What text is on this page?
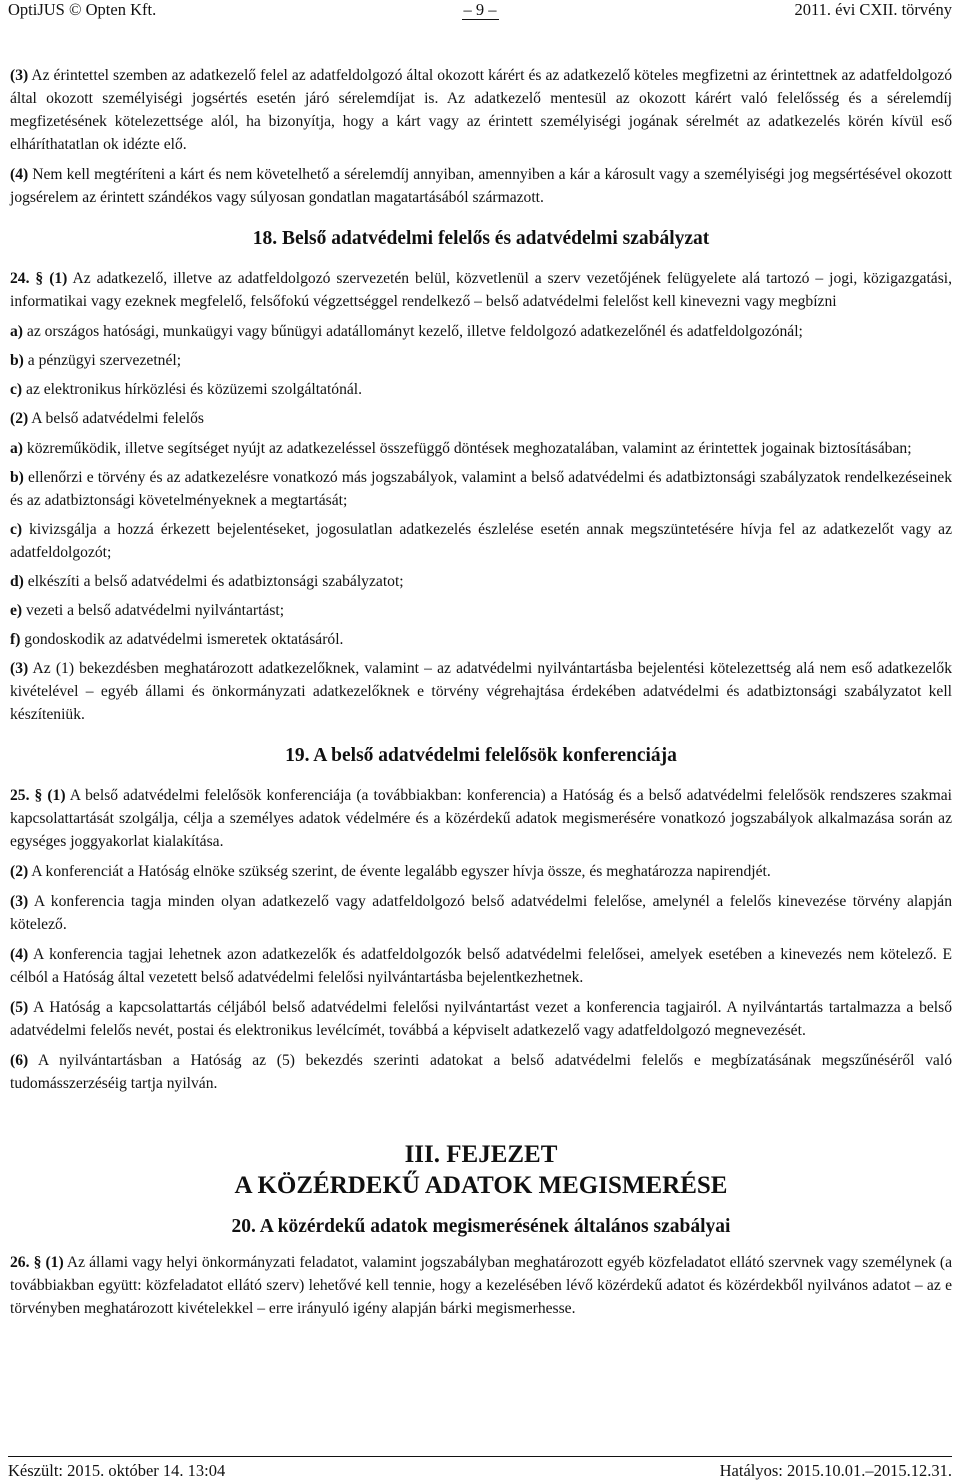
OptiJUS © Opten Kft.	– 9 –	2011. évi CXII. törvény

(3) Az érintettel szemben az adatkezelő felel az adatfeldolgozó által okozott kárért és az adatkezelő köteles megfizetni az érintettnek az adatfeldolgozó által okozott személyiségi jogsértés esetén járó sérelemdíjat is. Az adatkezelő mentesül az okozott kárért való felelősség és a sérelemdíj megfizetésének kötelezettsége alól, ha bizonyítja, hogy a kárt vagy az érintett személyiségi jogának sérelmét az adatkezelés körén kívül eső elháríthatatlan ok idézte elő.

(4) Nem kell megtéríteni a kárt és nem követelhető a sérelemdíj annyiban, amennyiben a kár a károsult vagy a személyiségi jog megsértésével okozott jogsérelem az érintett szándékos vagy súlyosan gondatlan magatartásából származott.

18. Belső adatvédelmi felelős és adatvédelmi szabályzat

24. § (1) Az adatkezelő, illetve az adatfeldolgozó szervezetén belül, közvetlenül a szerv vezetőjének felügyelete alá tartozó – jogi, közigazgatási, informatikai vagy ezeknek megfelelő, felsőfokú végzettséggel rendelkező – belső adatvédelmi felelőst kell kinevezni vagy megbízni

a) az országos hatósági, munkaügyi vagy bűnügyi adatállományt kezelő, illetve feldolgozó adatkezelőnél és adatfeldolgozónál;

b) a pénzügyi szervezetnél;

c) az elektronikus hírközlési és közüzemi szolgáltatónál.

(2) A belső adatvédelmi felelős

a) közreműködik, illetve segítséget nyújt az adatkezeléssel összefüggő döntések meghozatalában, valamint az érintettek jogainak biztosításában;

b) ellenőrzi e törvény és az adatkezelésre vonatkozó más jogszabályok, valamint a belső adatvédelmi és adatbiztonsági szabályzatok rendelkezéseinek és az adatbiztonsági követelményeknek a megtartását;

c) kivizsgálja a hozzá érkezett bejelentéseket, jogosulatlan adatkezelés észlelése esetén annak megszüntetésére hívja fel az adatkezelőt vagy az adatfeldolgozót;

d) elkészíti a belső adatvédelmi és adatbiztonsági szabályzatot;

e) vezeti a belső adatvédelmi nyilvántartást;

f) gondoskodik az adatvédelmi ismeretek oktatásáról.

(3) Az (1) bekezdésben meghatározott adatkezelőknek, valamint – az adatvédelmi nyilvántartásba bejelentési kötelezettség alá nem eső adatkezelők kivételével – egyéb állami és önkormányzati adatkezelőknek e törvény végrehajtása érdekében adatvédelmi és adatbiztonsági szabályzatot kell készíteniük.

19. A belső adatvédelmi felelősök konferenciája

25. § (1) A belső adatvédelmi felelősök konferenciája (a továbbiakban: konferencia) a Hatóság és a belső adatvédelmi felelősök rendszeres szakmai kapcsolattartását szolgálja, célja a személyes adatok védelmére és a közérdekű adatok megismerésére vonatkozó jogszabályok alkalmazása során az egységes joggyakorlat kialakítása.

(2) A konferenciát a Hatóság elnöke szükség szerint, de évente legalább egyszer hívja össze, és meghatározza napirendjét.

(3) A konferencia tagja minden olyan adatkezelő vagy adatfeldolgozó belső adatvédelmi felelőse, amelynél a felelős kinevezése törvény alapján kötelező.

(4) A konferencia tagjai lehetnek azon adatkezelők és adatfeldolgozók belső adatvédelmi felelősei, amelyek esetében a kinevezés nem kötelező. E célból a Hatóság által vezetett belső adatvédelmi felelősi nyilvántartásba bejelentkezhetnek.

(5) A Hatóság a kapcsolattartás céljából belső adatvédelmi felelősi nyilvántartást vezet a konferencia tagjairól. A nyilvántartás tartalmazza a belső adatvédelmi felelős nevét, postai és elektronikus levélcímét, továbbá a képviselt adatkezelő vagy adatfeldolgozó megnevezését.

(6) A nyilvántartásban a Hatóság az (5) bekezdés szerinti adatokat a belső adatvédelmi felelős e megbízatásának megszűnéséről való tudomásszerzéséig tartja nyilván.

III. FEJEZET
A KÖZÉRDEKŰ ADATOK MEGISMERÉSE
20. A közérdekű adatok megismerésének általános szabályai

26. § (1) Az állami vagy helyi önkormányzati feladatot, valamint jogszabályban meghatározott egyéb közfeladatot ellátó szervnek vagy személynek (a továbbiakban együtt: közfeladatot ellátó szerv) lehetővé kell tennie, hogy a kezelésében lévő közérdekű adatot és közérdekből nyilvános adatot – az e törvényben meghatározott kivételekkel – erre irányuló igény alapján bárki megismerhesse.

Készült: 2015. október 14. 13:04	Hatályos: 2015.10.01.–2015.12.31.
